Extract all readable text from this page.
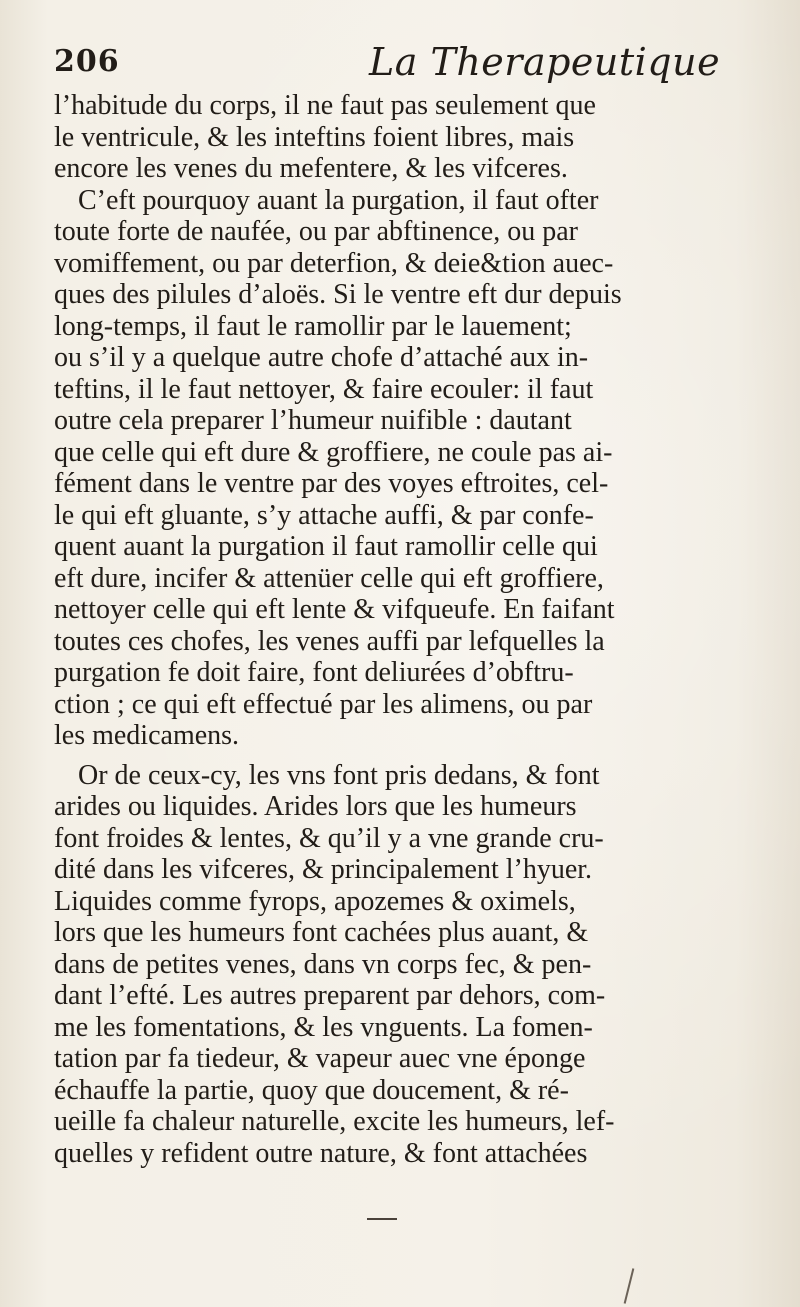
206	La Therapeutique
l’habitude du corps, il ne faut pas seulement que
le ventricule, & les inteftins foient libres, mais
encore les venes du mefentere, & les vifceres.
C’eft pourquoy auant la purgation, il faut ofter
toute forte de naufée, ou par abftinence, ou par
vomiffement, ou par deterfion, & deie&tion auec-
ques des pilules d’aloës. Si le ventre eft dur depuis
long-temps, il faut le ramollir par le lauement;
ou s’il y a quelque autre chofe d’attaché aux in-
teftins, il le faut nettoyer, & faire ecouler: il faut
outre cela preparer l’humeur nuifible : dautant
que celle qui eft dure & groffiere, ne coule pas ai-
fément dans le ventre par des voyes eftroites, cel-
le qui eft gluante, s’y attache auffi, & par confe-
quent auant la purgation il faut ramollir celle qui
eft dure, incifer & attenüer celle qui eft groffiere,
nettoyer celle qui eft lente & vifqueufe. En faifant
toutes ces chofes, les venes auffi par lefquelles la
purgation fe doit faire, font deliurées d’obftru-
ction ; ce qui eft effectué par les alimens, ou par
les medicamens.
Or de ceux-cy, les vns font pris dedans, & font
arides ou liquides. Arides lors que les humeurs
font froides & lentes, & qu’il y a vne grande cru-
dité dans les vifceres, & principalement l’hyuer.
Liquides comme fyrops, apozemes & oximels,
lors que les humeurs font cachées plus auant, &
dans de petites venes, dans vn corps fec, & pen-
dant l’efté. Les autres preparent par dehors, com-
me les fomentations, & les vnguents. La fomen-
tation par fa tiedeur, & vapeur auec vne éponge
échauffe la partie, quoy que doucement, & ré-
ueille fa chaleur naturelle, excite les humeurs, lef-
quelles y refident outre nature, & font attachées
